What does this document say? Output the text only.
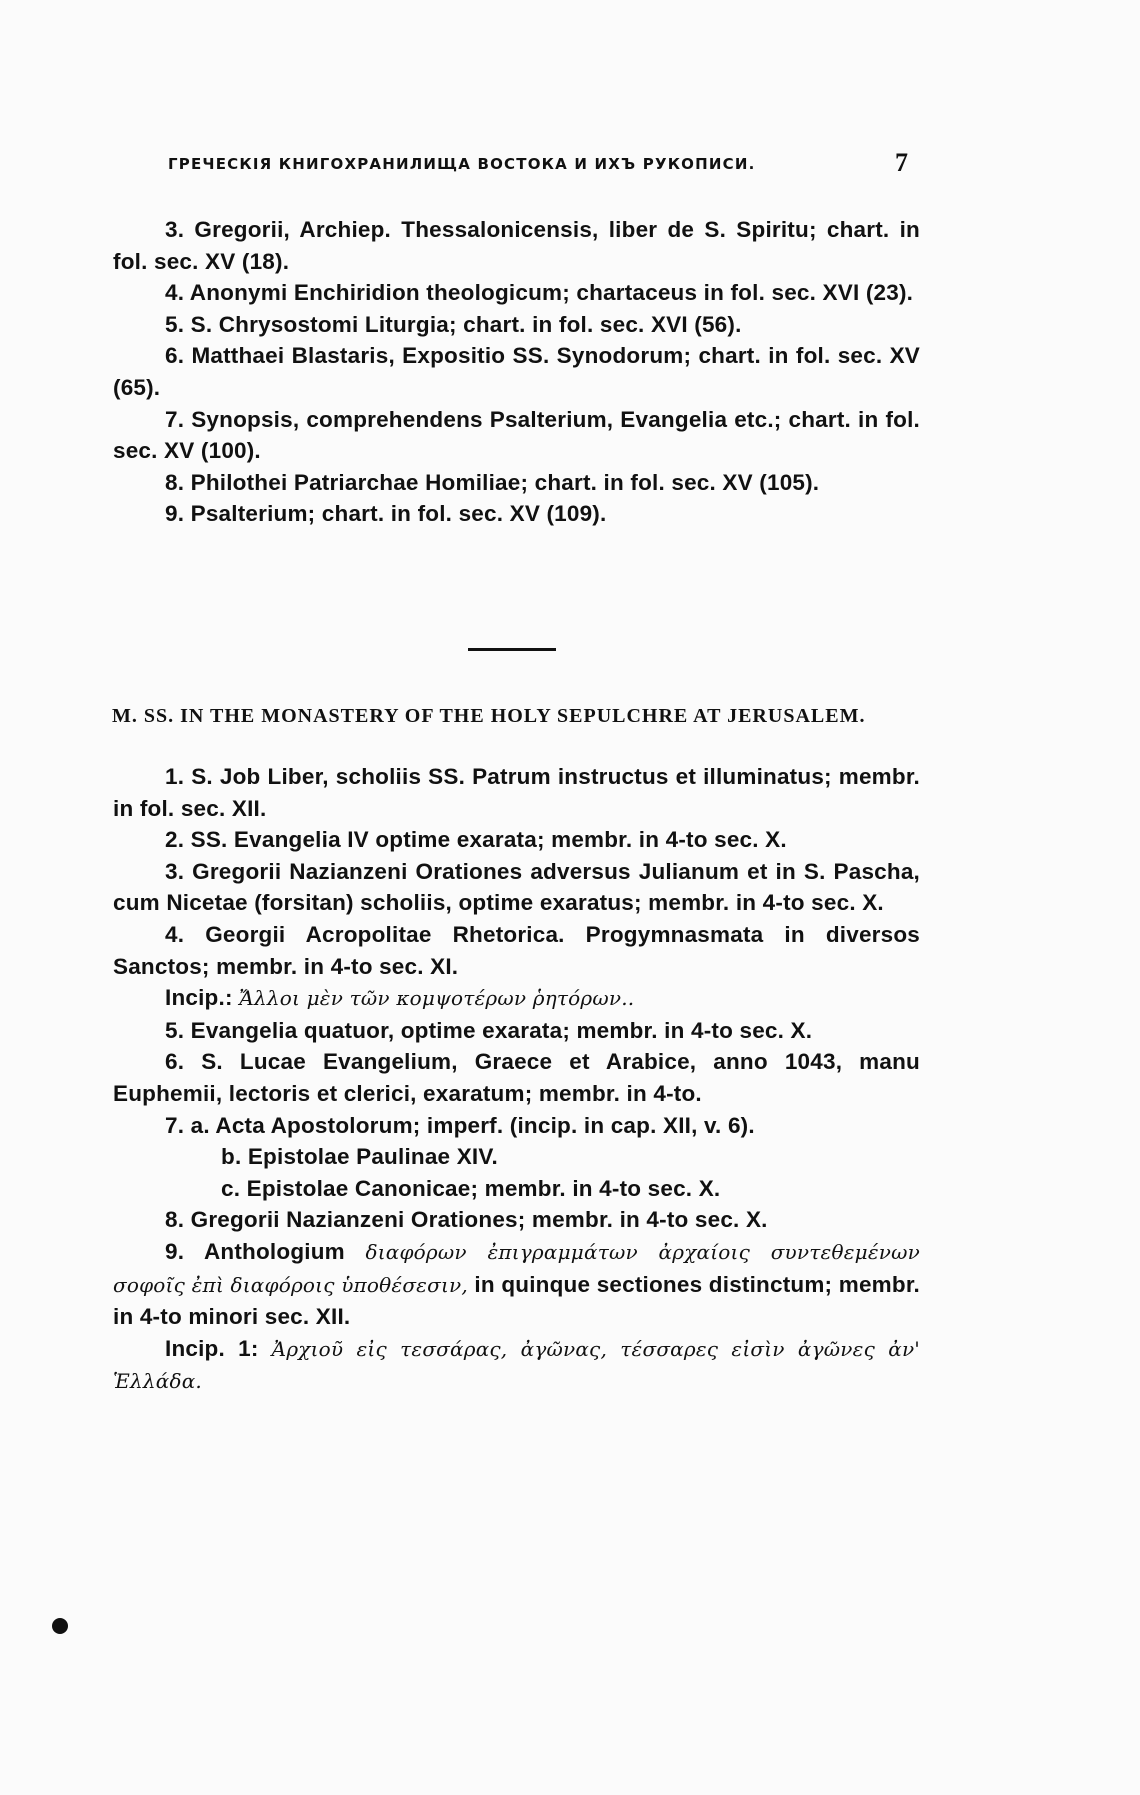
ГРЕЧЕСКІЯ КНИГОХРАНИЛИЩА ВОСТОКА И ИХЪ РУКОПИСИ.	7

3. Gregorii, Archiep. Thessalonicensis, liber de S. Spiritu; chart. in fol. sec. XV (18).

4. Anonymi Enchiridion theologicum; chartaceus in fol. sec. XVI (23).

5. S. Chrysostomi Liturgia; chart. in fol. sec. XVI (56).

6. Matthaei Blastaris, Expositio SS. Synodorum; chart. in fol. sec. XV (65).

7. Synopsis, comprehendens Psalterium, Evangelia etc.; chart. in fol. sec. XV (100).

8. Philothei Patriarchae Homiliae; chart. in fol. sec. XV (105).

9. Psalterium; chart. in fol. sec. XV (109).

M. SS. IN THE MONASTERY OF THE HOLY SEPULCHRE AT JERUSALEM.

1. S. Job Liber, scholiis SS. Patrum instructus et illuminatus; membr. in fol. sec. XII.

2. SS. Evangelia IV optime exarata; membr. in 4-to sec. X.

3. Gregorii Nazianzeni Orationes adversus Julianum et in S. Pascha, cum Nicetae (forsitan) scholiis, optime exaratus; membr. in 4-to sec. X.

4. Georgii Acropolitae Rhetorica. Progymnasmata in diversos Sanctos; membr. in 4-to sec. XI.

Incip.: Ἄλλοι μὲν τῶν κομψοτέρων ῥητόρων..

5. Evangelia quatuor, optime exarata; membr. in 4-to sec. X.

6. S. Lucae Evangelium, Graece et Arabice, anno 1043, manu Euphemii, lectoris et clerici, exaratum; membr. in 4-to.

7. a. Acta Apostolorum; imperf. (incip. in cap. XII, v. 6).

b. Epistolae Paulinae XIV.

c. Epistolae Canonicae; membr. in 4-to sec. X.

8. Gregorii Nazianzeni Orationes; membr. in 4-to sec. X.

9. Anthologium διαφόρων ἐπιγραμμάτων ἀρχαίοις συντεθεμένων σοφοῖς ἐπὶ διαφόροις ὑποθέσεσιν, in quinque sectiones distinctum; membr. in 4-to minori sec. XII.

Incip. 1: Ἀρχιοῦ εἰς τεσσάρας, ἀγῶνας, τέσσαρες εἰσὶν ἀγῶνες ἀν' Ἑλλάδα.
